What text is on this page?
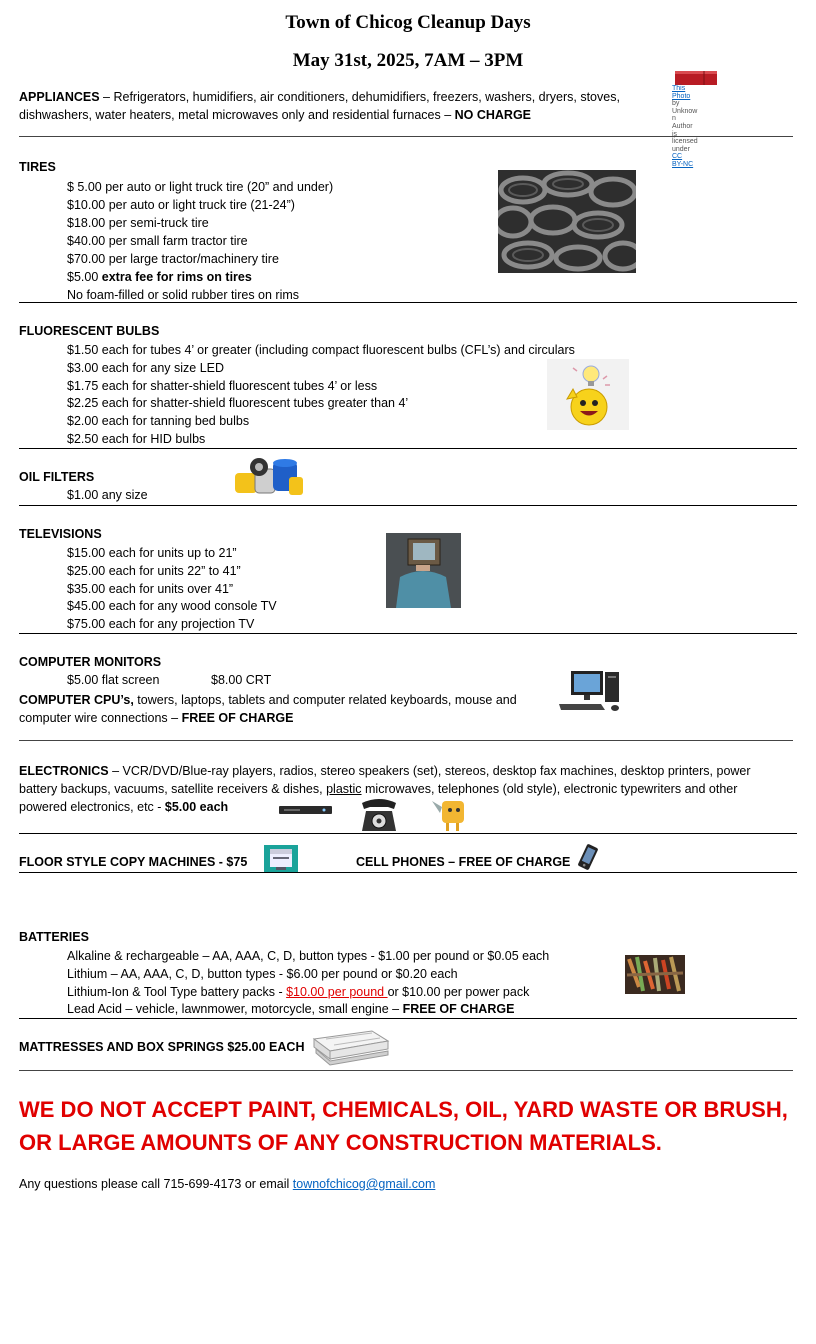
Town of Chicog Cleanup Days
May 31st, 2025, 7AM – 3PM
APPLIANCES – Refrigerators, humidifiers, air conditioners, dehumidifiers, freezers, washers, dryers, stoves,
dishwashers, water heaters, metal microwaves only and residential furnaces – NO CHARGE
This
Photo
by
Unknow
n
Author
is
licensed
under
CC
BY-NC
TIRES
$ 5.00 per auto or light truck tire (20” and under)
$10.00 per auto or light truck tire (21-24”)
$18.00 per semi-truck tire
$40.00 per small farm tractor tire
$70.00 per large tractor/machinery tire
$5.00 extra fee for rims on tires
No foam-filled or solid rubber tires on rims
FLUORESCENT BULBS
$1.50 each for tubes 4’ or greater (including compact fluorescent bulbs (CFL’s) and circulars
$3.00 each for any size LED
$1.75 each for shatter-shield fluorescent tubes 4’ or less
$2.25 each for shatter-shield fluorescent tubes greater than 4’
$2.00 each for tanning bed bulbs
$2.50 each for HID bulbs
OIL FILTERS
$1.00 any size
TELEVISIONS
$15.00 each for units up to 21”
$25.00 each for units 22” to 41”
$35.00 each for units over 41”
$45.00 each for any wood console TV
$75.00 each for any projection TV
COMPUTER MONITORS
$5.00 flat screen	$8.00 CRT
COMPUTER CPU’s, towers, laptops, tablets and computer related keyboards, mouse and
computer wire connections – FREE OF CHARGE
ELECTRONICS – VCR/DVD/Blue-ray players, radios, stereo speakers (set), stereos, desktop fax machines, desktop printers, power
battery backups, vacuums, satellite receivers & dishes, plastic microwaves, telephones (old style), electronic typewriters and other
powered electronics, etc - $5.00 each
FLOOR STYLE COPY MACHINES - $75	CELL PHONES – FREE OF CHARGE
BATTERIES
Alkaline & rechargeable – AA, AAA, C, D, button types - $1.00 per pound or $0.05 each
Lithium – AA, AAA, C, D, button types - $6.00 per pound or $0.20 each
Lithium-Ion & Tool Type battery packs - $10.00 per pound or $10.00 per power pack
Lead Acid – vehicle, lawnmower, motorcycle, small engine – FREE OF CHARGE
MATTRESSES AND BOX SPRINGS $25.00 EACH
WE DO NOT ACCEPT PAINT, CHEMICALS, OIL, YARD WASTE OR BRUSH,
OR LARGE AMOUNTS OF ANY CONSTRUCTION MATERIALS.
Any questions please call 715-699-4173 or email townofchicog@gmail.com
